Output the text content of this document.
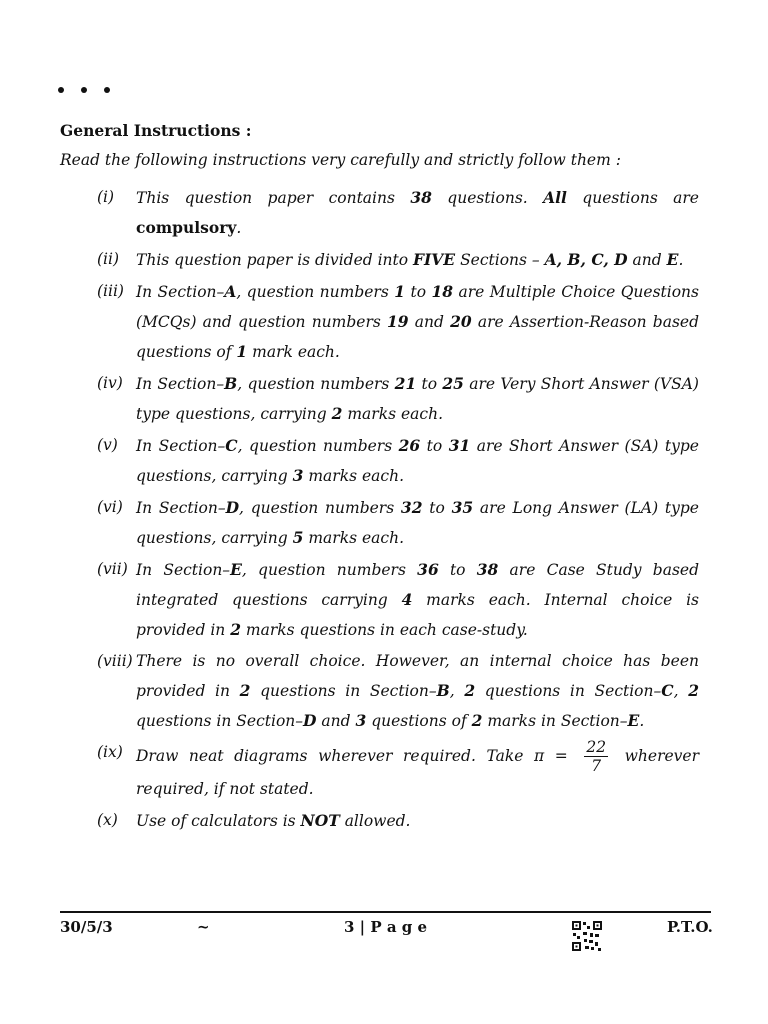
General Instructions :
Read the following instructions very carefully and strictly follow them :
(i) This question paper contains 38 questions. All questions are compulsory.
(ii) This question paper is divided into FIVE Sections – A, B, C, D and E.
(iii) In Section–A, question numbers 1 to 18 are Multiple Choice Questions (MCQs) and question numbers 19 and 20 are Assertion-Reason based questions of 1 mark each.
(iv) In Section–B, question numbers 21 to 25 are Very Short Answer (VSA) type questions, carrying 2 marks each.
(v) In Section–C, question numbers 26 to 31 are Short Answer (SA) type questions, carrying 3 marks each.
(vi) In Section–D, question numbers 32 to 35 are Long Answer (LA) type questions, carrying 5 marks each.
(vii) In Section–E, question numbers 36 to 38 are Case Study based integrated questions carrying 4 marks each. Internal choice is provided in 2 marks questions in each case-study.
(viii) There is no overall choice. However, an internal choice has been provided in 2 questions in Section–B, 2 questions in Section–C, 2 questions in Section–D and 3 questions of 2 marks in Section–E.
(ix) Draw neat diagrams wherever required. Take $\pi = \frac{22}{7}$ wherever required, if not stated.
(x) Use of calculators is NOT allowed.
30/5/3	~	3 | P a g e	P.T.O.
